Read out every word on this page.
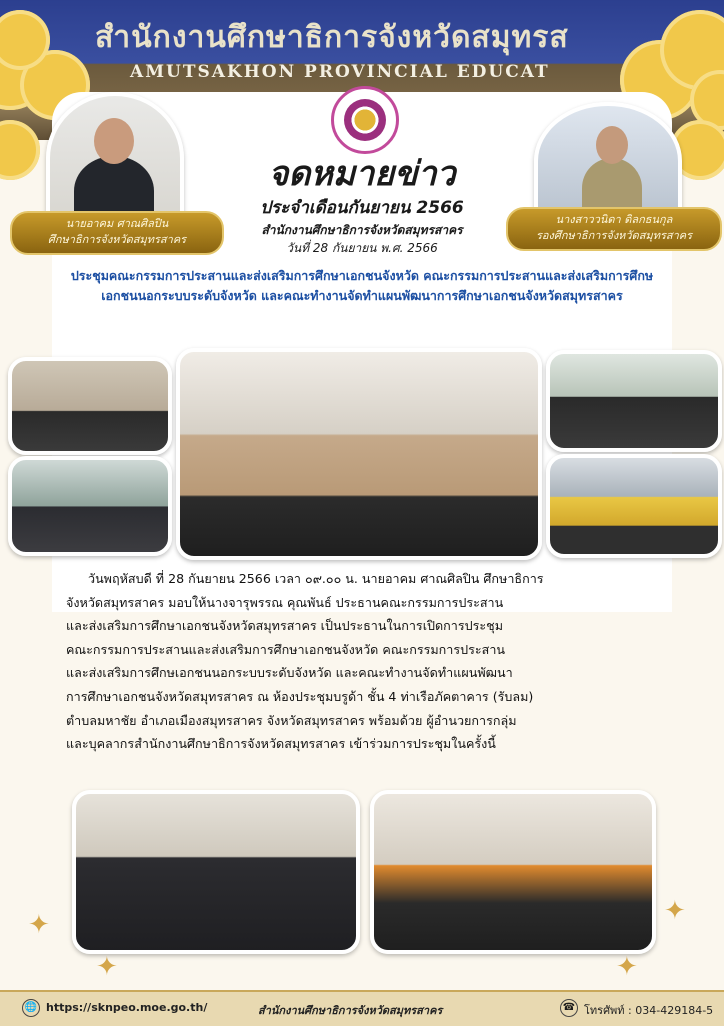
สำนักงานศึกษาธิการจังหวัดสมุทรส
AMUTSAKHON PROVINCIAL EDUCAT
นายอาคม ศาณศิลปิน
ศึกษาธิการจังหวัดสมุทรสาคร
นางสาววนิดา ดิลกธนกุล
รองศึกษาธิการจังหวัดสมุทรสาคร
จดหมายข่าว
ประจำเดือนกันยายน 2566
สำนักงานศึกษาธิการจังหวัดสมุทรสาคร
วันที่ 28 กันยายน พ.ศ. 2566
ประชุมคณะกรรมการประสานและส่งเสริมการศึกษาเอกชนจังหวัด คณะกรรมการประสานและส่งเสริมการศึกษเอกชนนอกระบบระดับจังหวัด และคณะทำงานจัดทำแผนพัฒนาการศึกษาเอกชนจังหวัดสมุทรสาคร
วันพฤหัสบดี ที่ 28 กันยายน 2566 เวลา ๐๙.๐๐ น. นายอาคม ศาณศิลปิน ศึกษาธิการ
จังหวัดสมุทรสาคร มอบให้นางจารุพรรณ คุณพันธ์ ประธานคณะกรรมการประสาน
และส่งเสริมการศึกษาเอกชนจังหวัดสมุทรสาคร เป็นประธานในการเปิดการประชุม
คณะกรรมการประสานและส่งเสริมการศึกษาเอกชนจังหวัด คณะกรรมการประสาน
และส่งเสริมการศึกษเอกชนนอกระบบระดับจังหวัด และคณะทำงานจัดทำแผนพัฒนา
การศึกษาเอกชนจังหวัดสมุทรสาคร ณ ห้องประชุมบรูด้า ชั้น 4 ท่าเรือภัคตาคาร (รับลม)
ตำบลมหาชัย อำเภอเมืองสมุทรสาคร จังหวัดสมุทรสาคร พร้อมด้วย ผู้อำนวยการกลุ่ม
และบุคลากรสำนักงานศึกษาธิการจังหวัดสมุทรสาคร เข้าร่วมการประชุมในครั้งนี้
✦
✦
✦
✦
🌐 https://sknpeo.moe.go.th/	สำนักงานศึกษาธิการจังหวัดสมุทรสาคร	☎ โทรศัพท์ : 034-429184-5
